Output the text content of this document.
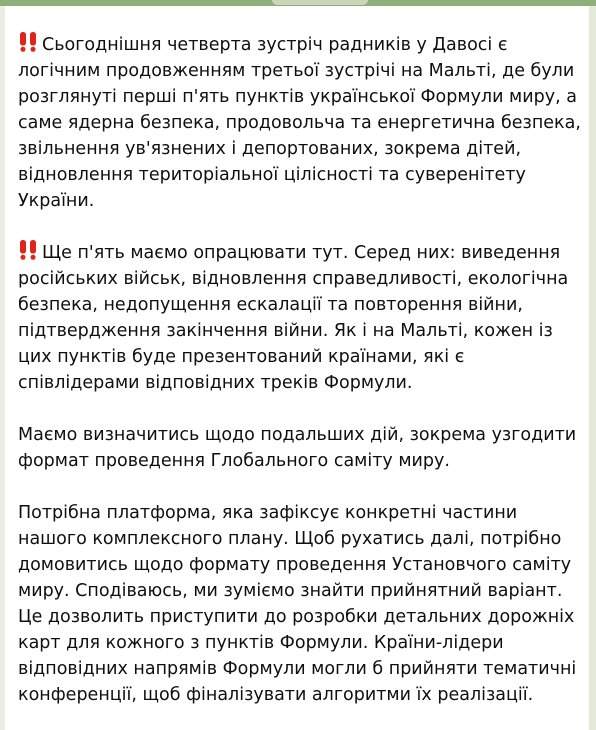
Сьогоднішня четверта зустріч радників у Давосі є
логічним продовженням третьої зустрічі на Мальті, де були
розглянуті перші п'ять пунктів української Формули миру, а
саме ядерна безпека, продовольча та енергетична безпека,
звільнення ув'язнених і депортованих, зокрема дітей,
відновлення територіальної цілісності та суверенітету
України.

Ще п'ять маємо опрацювати тут. Серед них: виведення
російських військ, відновлення справедливості, екологічна
безпека, недопущення ескалації та повторення війни,
підтвердження закінчення війни. Як і на Мальті, кожен із
цих пунктів буде презентований країнами, які є
співлідерами відповідних треків Формули.

Маємо визначитись щодо подальших дій, зокрема узгодити
формат проведення Глобального саміту миру.

Потрібна платформа, яка зафіксує конкретні частини
нашого комплексного плану. Щоб рухатись далі, потрібно
домовитись щодо формату проведення Установчого саміту
миру. Сподіваюсь, ми зуміємо знайти прийнятний варіант.
Це дозволить приступити до розробки детальних дорожніх
карт для кожного з пунктів Формули. Країни-лідери
відповідних напрямів Формули могли б прийняти тематичні
конференції, щоб фіналізувати алгоритми їх реалізації.
